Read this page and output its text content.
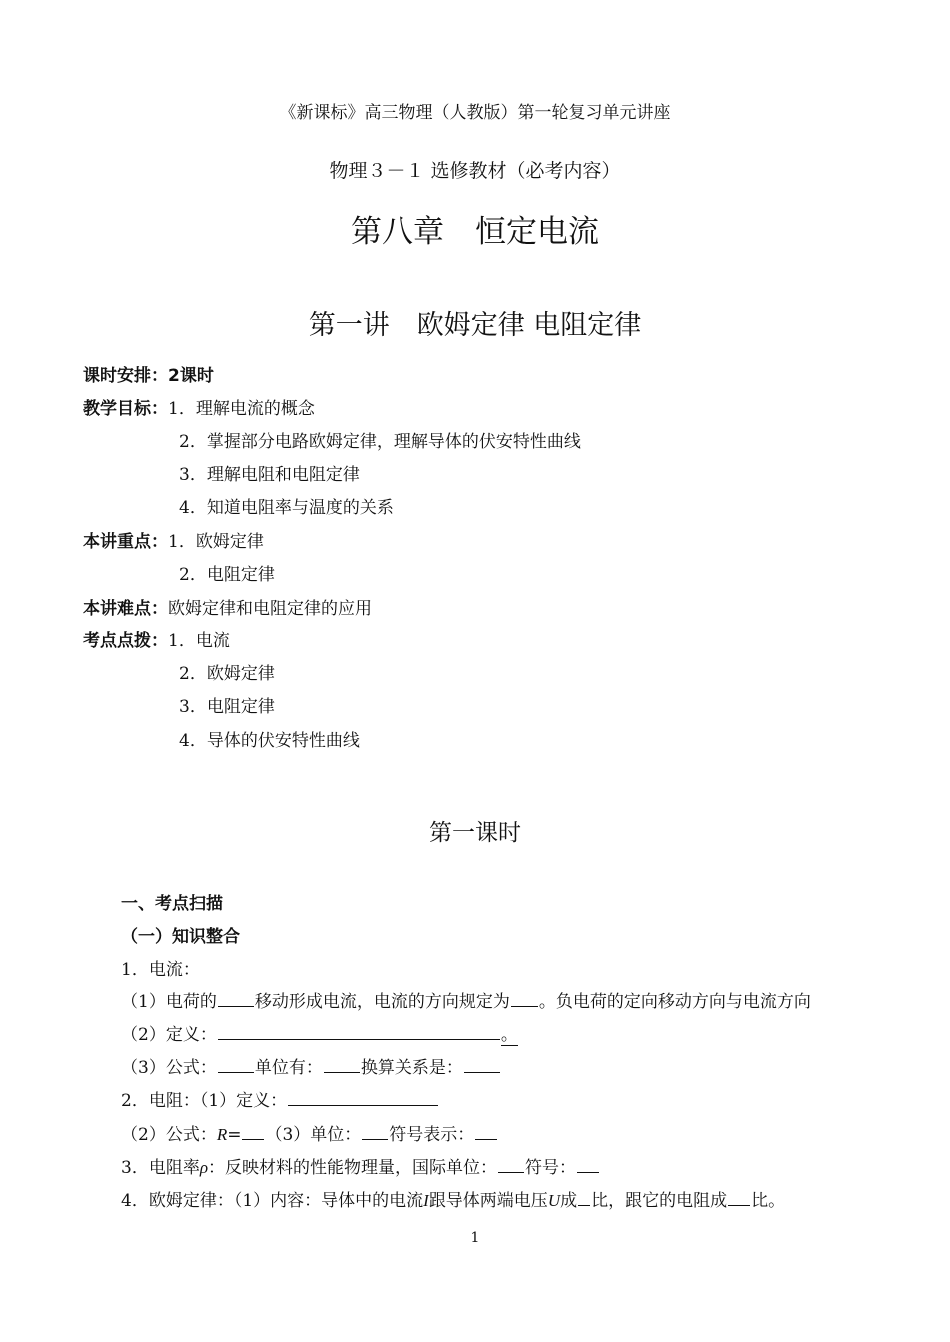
《新课标》高三物理（人教版）第一轮复习单元讲座
物理３－１ 选修教材（必考内容）
第八章　恒定电流
第一讲　欧姆定律 电阻定律
课时安排：2课时
教学目标：1．理解电流的概念
2．掌握部分电路欧姆定律，理解导体的伏安特性曲线
3．理解电阻和电阻定律
4．知道电阻率与温度的关系
本讲重点：1．欧姆定律
2．电阻定律
本讲难点：欧姆定律和电阻定律的应用
考点点拨：1．电流
2．欧姆定律
3．电阻定律
4．导体的伏安特性曲线
第一课时
一、考点扫描
（一）知识整合
1．电流：
（1）电荷的 移动形成电流，电流的方向规定为 。负电荷的定向移动方向与电流方向
（2）定义：	。
（3）公式： 单位有： 换算关系是：
2．电阻：（1）定义：
（2）公式：R= （3）单位： 符号表示：
3．电阻率ρ：反映材料的性能物理量，国际单位： 符号：
4．欧姆定律：（1）内容：导体中的电流I跟导体两端电压U成 比，跟它的电阻成 比。
1
